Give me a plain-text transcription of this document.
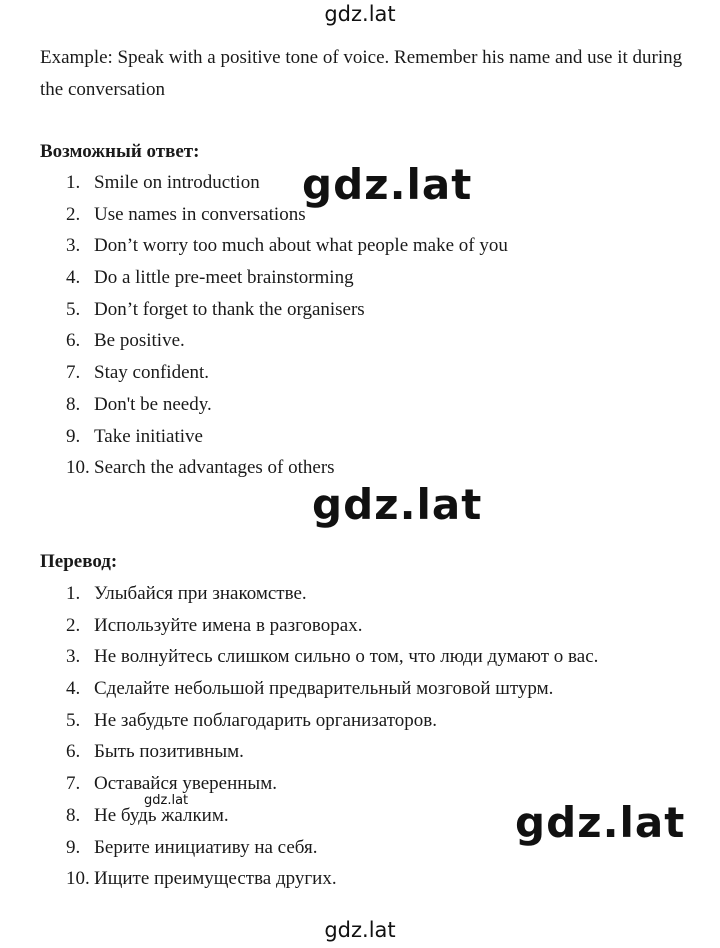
gdz.lat
Example: Speak with a positive tone of voice. Remember his name and use it during the conversation
Возможный ответ:
1. Smile on introduction
2. Use names in conversations
3. Don’t worry too much about what people make of you
4. Do a little pre-meet brainstorming
5. Don’t forget to thank the organisers
6. Be positive.
7. Stay confident.
8. Don't be needy.
9. Take initiative
10. Search the advantages of others
Перевод:
1. Улыбайся при знакомстве.
2. Используйте имена в разговорах.
3. Не волнуйтесь слишком сильно о том, что люди думают о вас.
4. Сделайте небольшой предварительный мозговой штурм.
5. Не забудьте поблагодарить организаторов.
6. Быть позитивным.
7. Оставайся уверенным.
8. Не будь жалким.
9. Берите инициативу на себя.
10. Ищите преимущества других.
gdz.lat
gdz.lat
gdz.lat
gdz.lat
gdz.lat
